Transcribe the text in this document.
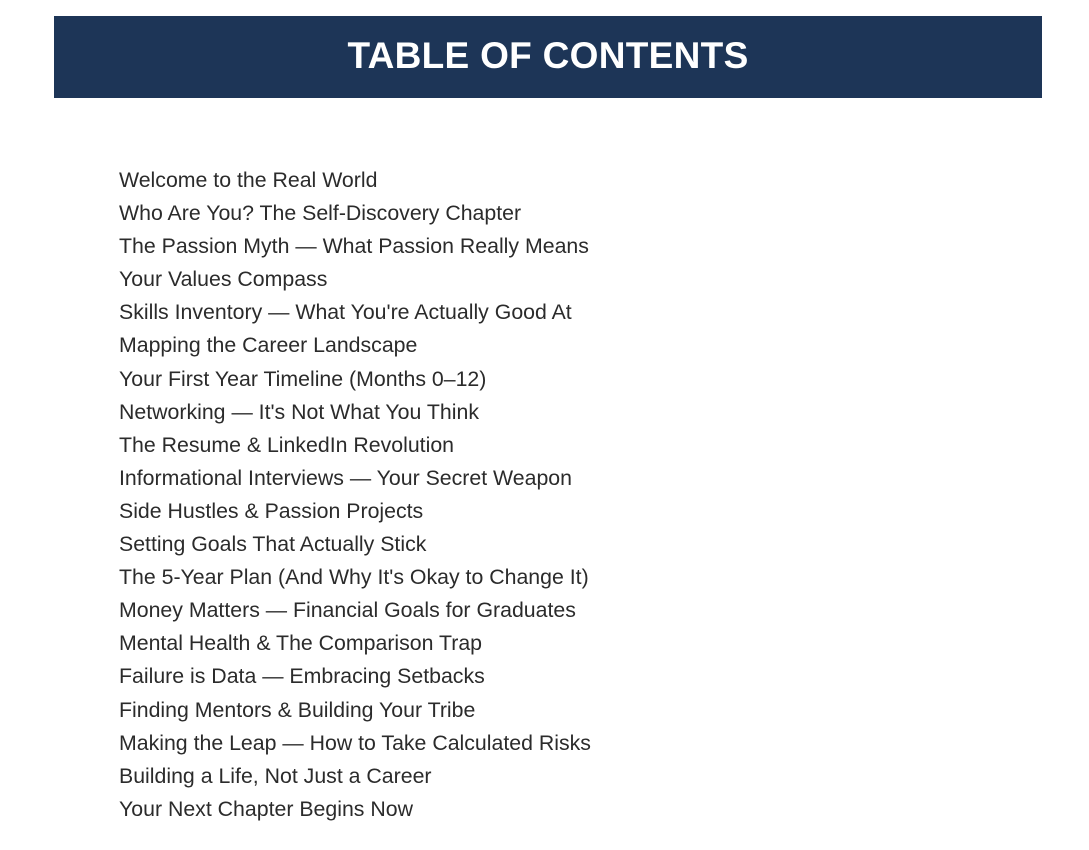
TABLE OF CONTENTS
Welcome to the Real World
Who Are You? The Self-Discovery Chapter
The Passion Myth — What Passion Really Means
Your Values Compass
Skills Inventory — What You're Actually Good At
Mapping the Career Landscape
Your First Year Timeline (Months 0–12)
Networking — It's Not What You Think
The Resume & LinkedIn Revolution
Informational Interviews — Your Secret Weapon
Side Hustles & Passion Projects
Setting Goals That Actually Stick
The 5-Year Plan (And Why It's Okay to Change It)
Money Matters — Financial Goals for Graduates
Mental Health & The Comparison Trap
Failure is Data — Embracing Setbacks
Finding Mentors & Building Your Tribe
Making the Leap — How to Take Calculated Risks
Building a Life, Not Just a Career
Your Next Chapter Begins Now
